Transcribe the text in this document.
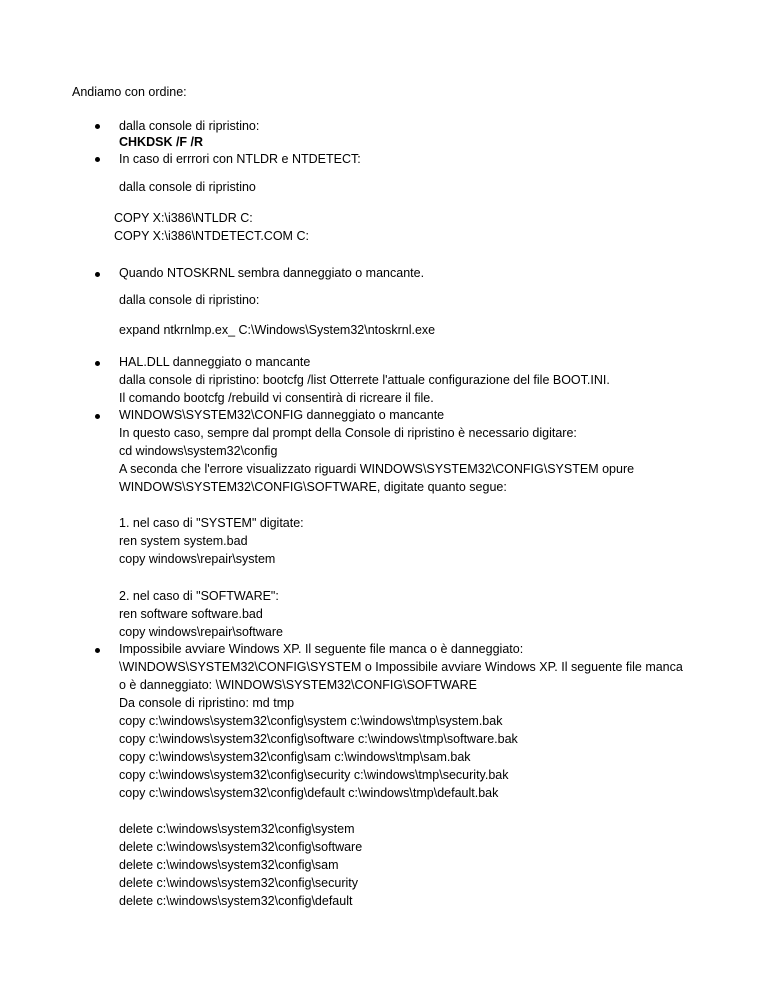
Andiamo con ordine:
dalla console di ripristino:
CHKDSK /F /R
In caso di errrori con NTLDR e NTDETECT:
dalla console di ripristino
COPY X:\i386\NTLDR C:
COPY X:\i386\NTDETECT.COM C:
Quando NTOSKRNL sembra danneggiato o mancante.
dalla console di ripristino:
expand ntkrnlmp.ex_ C:\Windows\System32\ntoskrnl.exe
HAL.DLL danneggiato o mancante
dalla console di ripristino: bootcfg /list Otterrete l'attuale configurazione del file BOOT.INI.
Il comando bootcfg /rebuild vi consentirà di ricreare il file.
WINDOWS\SYSTEM32\CONFIG danneggiato o mancante
In questo caso, sempre dal prompt della Console di ripristino è necessario digitare:
cd windows\system32\config
A seconda che l'errore visualizzato riguardi WINDOWS\SYSTEM32\CONFIG\SYSTEM opure
WINDOWS\SYSTEM32\CONFIG\SOFTWARE, digitate quanto segue:
1. nel caso di "SYSTEM" digitate:
ren system system.bad
copy windows\repair\system
2. nel caso di "SOFTWARE":
ren software software.bad
copy windows\repair\software
Impossibile avviare Windows XP. Il seguente file manca o è danneggiato:
\WINDOWS\SYSTEM32\CONFIG\SYSTEM o Impossibile avviare Windows XP. Il seguente file manca
o è danneggiato: \WINDOWS\SYSTEM32\CONFIG\SOFTWARE
Da console di ripristino: md tmp
copy c:\windows\system32\config\system c:\windows\tmp\system.bak
copy c:\windows\system32\config\software c:\windows\tmp\software.bak
copy c:\windows\system32\config\sam c:\windows\tmp\sam.bak
copy c:\windows\system32\config\security c:\windows\tmp\security.bak
copy c:\windows\system32\config\default c:\windows\tmp\default.bak
delete c:\windows\system32\config\system
delete c:\windows\system32\config\software
delete c:\windows\system32\config\sam
delete c:\windows\system32\config\security
delete c:\windows\system32\config\default
